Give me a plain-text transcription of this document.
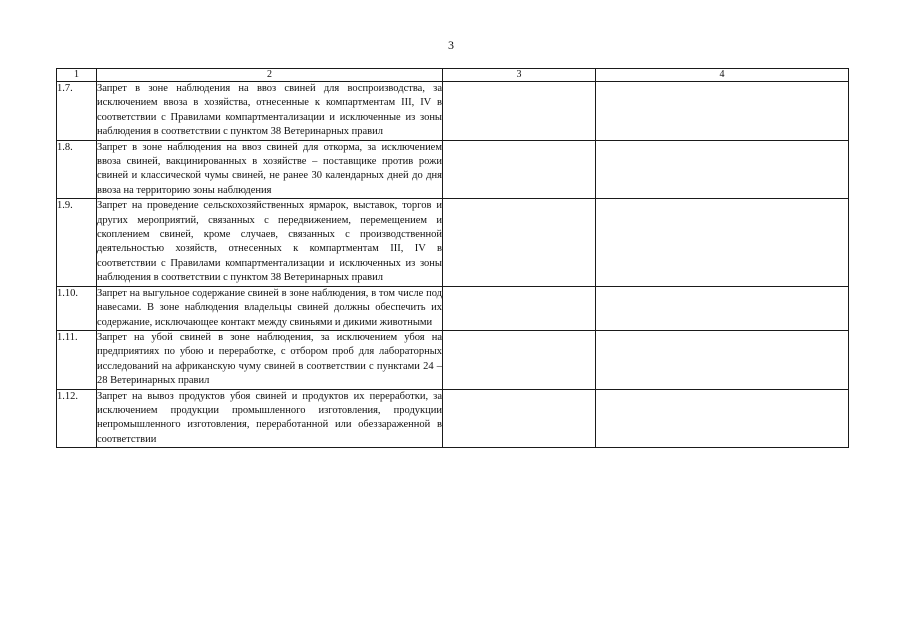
3
1	2	3	4
1.7.	Запрет в зоне наблюдения на ввоз свиней для воспроизводства, за исключением ввоза в хозяйства, отнесенные к компартментам III, IV в соответствии с Правилами компартментализации и исключенные из зоны наблюдения в соответствии с пунктом 38 Ветеринарных правил		
1.8.	Запрет в зоне наблюдения на ввоз свиней для откорма, за исключением ввоза свиней, вакцинированных в хозяйстве – поставщике против рожи свиней и классической чумы свиней, не ранее 30 календарных дней до дня ввоза на территорию зоны наблюдения		
1.9.	Запрет на проведение сельскохозяйственных ярмарок, выставок, торгов и других мероприятий, связанных с передвижением, перемещением и скоплением свиней, кроме случаев, связанных с производственной деятельностью хозяйств, отнесенных к компартментам III, IV в соответствии с Правилами компартментализации и исключенных из зоны наблюдения в соответствии с пунктом 38 Ветеринарных правил		
1.10.	Запрет на выгульное содержание свиней в зоне наблюдения, в том числе под навесами. В зоне наблюдения владельцы свиней должны обеспечить их содержание, исключающее контакт между свиньями и дикими животными		
1.11.	Запрет на убой свиней в зоне наблюдения, за исключением убоя на предприятиях по убою и переработке, с отбором проб для лабораторных исследований на африканскую чуму свиней в соответствии с пунктами 24 – 28 Ветеринарных правил		
1.12.	Запрет на вывоз продуктов убоя свиней и продуктов их переработки, за исключением продукции промышленного изготовления, продукции непромышленного изготовления, переработанной или обеззараженной в соответствии		
